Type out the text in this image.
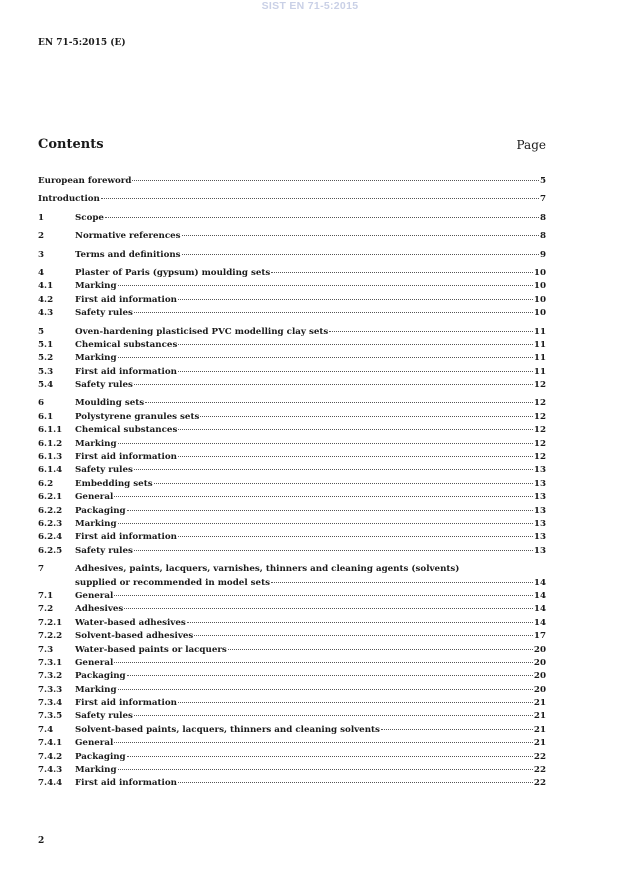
SIST EN 71-5:2015
EN 71-5:2015 (E)
Contents	Page
European foreword	5
Introduction	7
1	Scope	8
2	Normative references	8
3	Terms and definitions	9
4	Plaster of Paris (gypsum) moulding sets	10
4.1	Marking	10
4.2	First aid information	10
4.3	Safety rules	10
5	Oven-hardening plasticised PVC modelling clay sets	11
5.1	Chemical substances	11
5.2	Marking	11
5.3	First aid information	11
5.4	Safety rules	12
6	Moulding sets	12
6.1	Polystyrene granules sets	12
6.1.1	Chemical substances	12
6.1.2	Marking	12
6.1.3	First aid information	12
6.1.4	Safety rules	13
6.2	Embedding sets	13
6.2.1	General	13
6.2.2	Packaging	13
6.2.3	Marking	13
6.2.4	First aid information	13
6.2.5	Safety rules	13
7	Adhesives, paints, lacquers, varnishes, thinners and cleaning agents (solvents)
supplied or recommended in model sets	14
7.1	General	14
7.2	Adhesives	14
7.2.1	Water-based adhesives	14
7.2.2	Solvent-based adhesives	17
7.3	Water-based paints or lacquers	20
7.3.1	General	20
7.3.2	Packaging	20
7.3.3	Marking	20
7.3.4	First aid information	21
7.3.5	Safety rules	21
7.4	Solvent-based paints, lacquers, thinners and cleaning solvents	21
7.4.1	General	21
7.4.2	Packaging	22
7.4.3	Marking	22
7.4.4	First aid information	22
2
